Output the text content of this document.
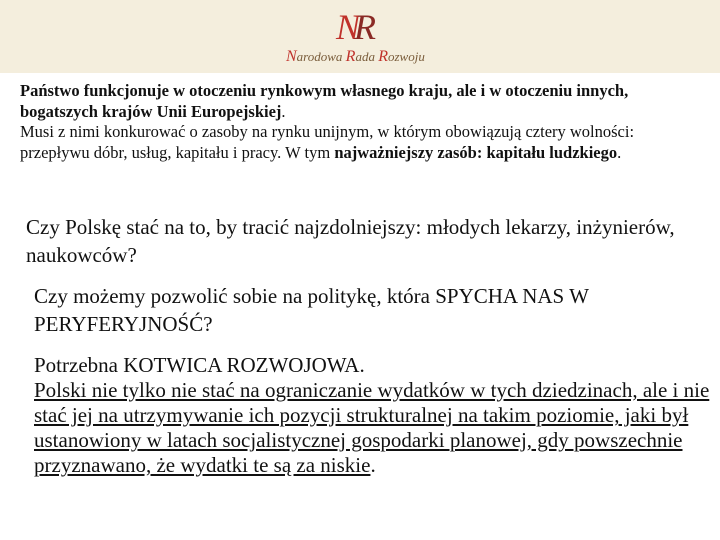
NR
Narodowa Rada Rozwoju

Państwo funkcjonuje w otoczeniu rynkowym własnego kraju, ale i w otoczeniu innych, bogatszych krajów Unii Europejskiej.

Musi z nimi konkurować o zasoby na rynku unijnym, w którym obowiązują cztery wolności: przepływu dóbr, usług, kapitału i pracy. W tym najważniejszy zasób: kapitału ludzkiego.

Czy Polskę stać na to, by tracić najzdolniejszy: młodych lekarzy, inżynierów, naukowców?
Czy możemy pozwolić sobie na politykę, która SPYCHA NAS W PERYFERYJNOŚĆ?

Potrzebna KOTWICA ROZWOJOWA.

Polski nie tylko nie stać na ograniczanie wydatków w tych dziedzinach, ale i nie stać jej na utrzymywanie ich pozycji strukturalnej na takim poziomie, jaki był ustanowiony w latach socjalistycznej gospodarki planowej, gdy powszechnie przyznawano, że wydatki te są za niskie.
